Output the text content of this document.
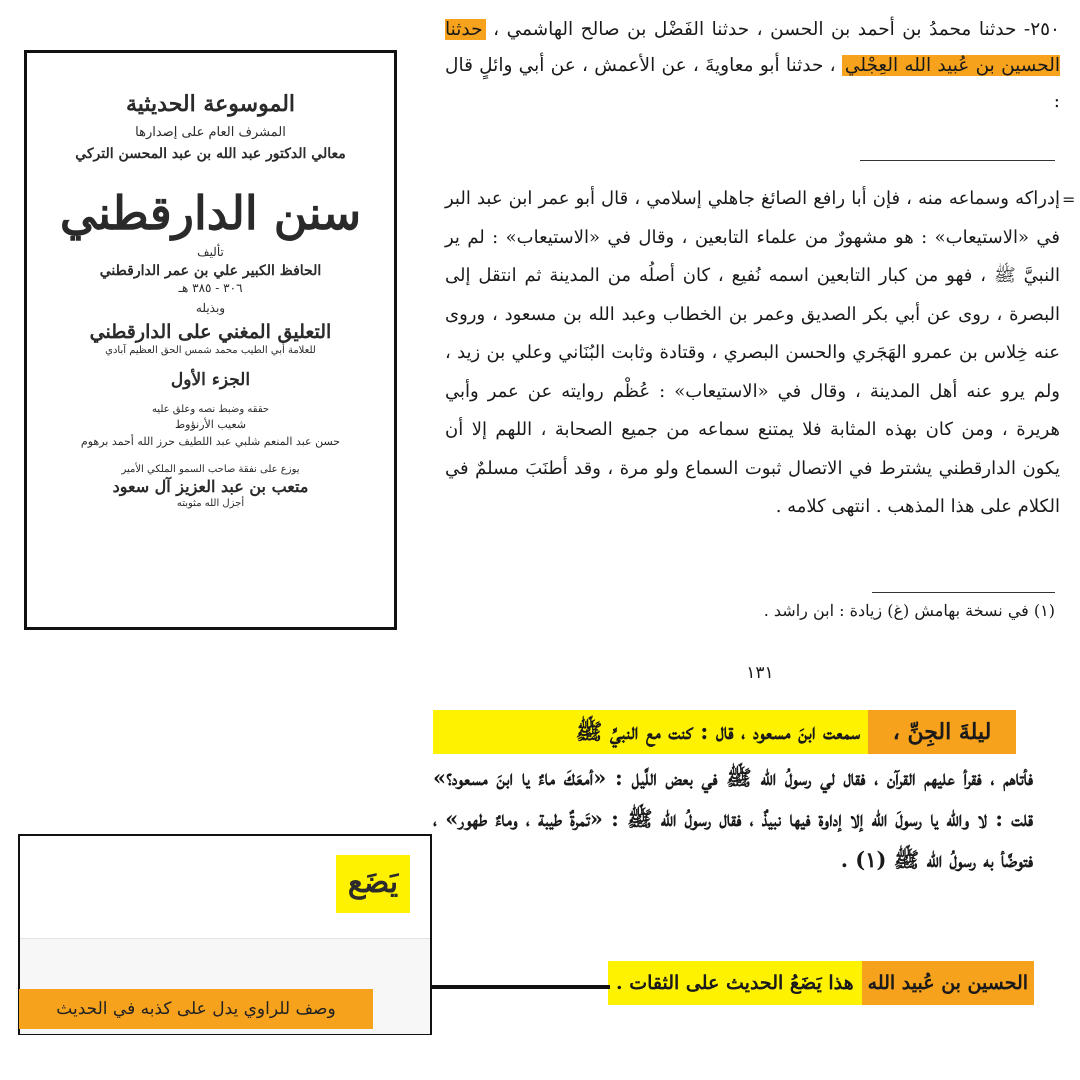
الموسوعة الحديثية
المشرف العام على إصدارها
معالي الدكتور عبد الله بن عبد المحسن التركي
سنن الدارقطني
تأليف
الحافظ الكبير علي بن عمر الدارقطني
٣٠٦ - ٣٨٥ هـ
وبذيله
التعليق المغني على الدارقطني
للعلامة أبي الطيب محمد شمس الحق العظيم آبادي
الجزء الأول
حققه وضبط نصه وعلق عليه
شعيب الأرنؤوط
حسن عبد المنعم شلبي عبد اللطيف حرز الله أحمد برهوم
يوزع على نفقة صاحب السمو الملكي الأمير
متعب بن عبد العزيز آل سعود
أجزل الله مثوبته

٢٥٠- حدثنا محمدُ بن أحمد بن الحسن ، حدثنا الفَضْل بن صالح الهاشمي ، حدثنا الحسين بن عُبيد الله العِجْلي ، حدثنا أبو معاويةَ ، عن الأعمش ، عن أبي وائلٍ قال :

=
إدراكه وسماعه منه ، فإن أبا رافع الصائغ جاهلي إسلامي ، قال أبو عمر ابن عبد البر في «الاستيعاب» : هو مشهورٌ من علماء التابعين ، وقال في «الاستيعاب» : لم ير النبيَّ ﷺ ، فهو من كبار التابعين اسمه نُفيع ، كان أصلُه من المدينة ثم انتقل إلى البصرة ، روى عن أبي بكر الصديق وعمر بن الخطاب وعبد الله بن مسعود ، وروى عنه خِلاس بن عمرو الهَجَري والحسن البصري ، وقتادة وثابت البُنَاني وعلي بن زيد ، ولم يرو عنه أهل المدينة ، وقال في «الاستيعاب» : عُظْم روايته عن عمر وأبي هريرة ، ومن كان بهذه المثابة فلا يمتنع سماعه من جميع الصحابة ، اللهم إلا أن يكون الدارقطني يشترط في الاتصال ثبوت السماع ولو مرة ، وقد أطنَبَ مسلمٌ في الكلام على هذا المذهب . انتهى كلامه .
(١) في نسخة بهامش (غ) زيادة : ابن راشد .
١٣١
ليلةَ الجِنِّ ،
سمعت ابنَ مسعود ، قال : كنت مع النبيِّ ﷺ
فأتاهم ، فقرأ عليهم القرآن ، فقال لي رسولُ الله ﷺ في بعض اللَّيل : «أمعَكَ ماءٌ يا ابنَ مسعود؟» قلت : لا والله يا رسولَ الله إلا إداوة فيها نبيذٌ ، فقال رسولُ الله ﷺ : «تَمرةٌ طيبة ، وماءٌ طهور» ، فتوضَّأ به رسولُ الله ﷺ (١) .
الحسين بن عُبيد اللههذا يَضَعُ الحديث على الثقات .
يَضَع
وصف للراوي يدل على كذبه في الحديث
